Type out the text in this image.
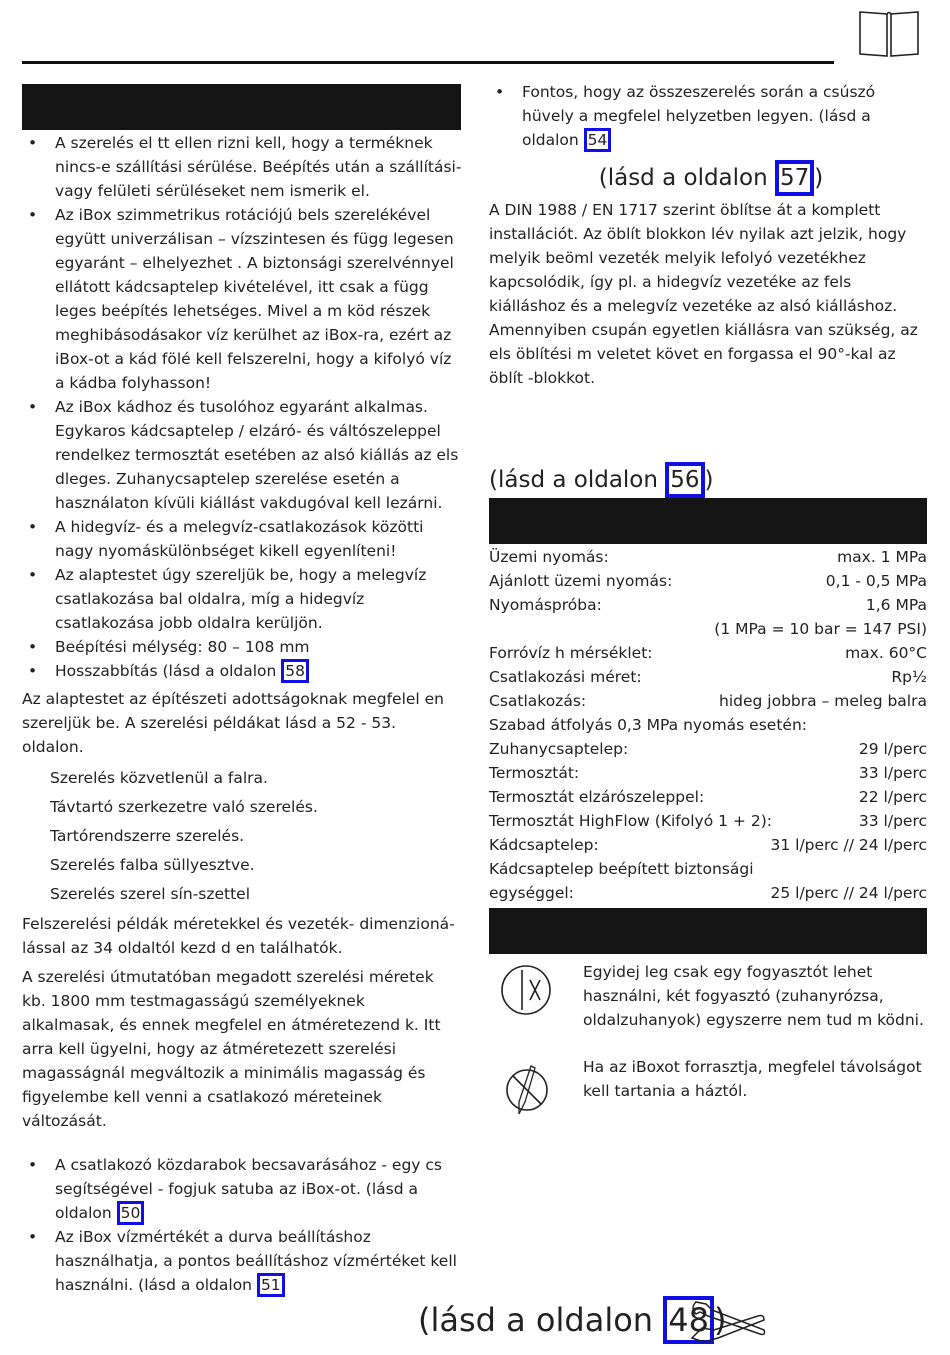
• A szerelés el tt ellen rizni kell, hogy a terméknek nincs-e szállítási sérülése. Beépítés után a szállítási- vagy felületi sérüléseket nem ismerik el.
• Az iBox szimmetrikus rotációjú bels szerelékével együtt univerzálisan – vízszintesen és függ legesen egyaránt – elhelyezhet . A biztonsági szerelvénnyel ellátott kádcsaptelep kivételével, itt csak a függ leges beépítés lehetséges. Mivel a m köd részek meghibásodásakor víz kerülhet az iBox-ra, ezért az iBox-ot a kád fölé kell felszerelni, hogy a kifolyó víz a kádba folyhasson!
• Az iBox kádhoz és tusolóhoz egyaránt alkalmas. Egykaros kádcsaptelep / elzáró- és váltószeleppel rendelkez termosztát esetében az alsó kiállás az els dleges. Zuhanycsaptelep szerelése esetén a használaton kívüli kiállást vakdugóval kell lezárni.
• A hidegvíz- és a melegvíz-csatlakozások közötti nagy nyomáskülönbséget kikell egyenlíteni!
• Az alaptestet úgy szereljük be, hogy a melegvíz csatlakozása bal oldalra, míg a hidegvíz csatlakozása jobb oldalra kerüljön.
• Beépítési mélység: 80 – 108 mm
• Hosszabbítás (lásd a oldalon 58

Az alaptestet az építészeti adottságoknak megfelel en szereljük be. A szerelési példákat lásd a 52 - 53. oldalon.

Szerelés közvetlenül a falra.

Távtartó szerkezetre való szerelés.

Tartórendszerre szerelés.

Szerelés falba süllyesztve.

Szerelés szerel sín-szettel

Felszerelési példák méretekkel és vezeték- dimenzioná- lással az 34 oldaltól kezd d en találhatók.

A szerelési útmutatóban megadott szerelési méretek kb. 1800 mm testmagasságú személyeknek alkalmasak, és ennek megfelel en átméretezend k. Itt arra kell ügyelni, hogy az átméretezett szerelési magasságnál megváltozik a minimális magasság és figyelembe kell venni a csatlakozó méreteinek változását.

• A csatlakozó közdarabok becsavarásához - egy cs segítségével - fogjuk satuba az iBox-ot. (lásd a oldalon 50
• Az iBox vízmértékét a durva beállításhoz használhatja, a pontos beállításhoz vízmértéket kell használni. (lásd a oldalon 51
• Fontos, hogy az összeszerelés során a csúszó hüvely a megfelel helyzetben legyen. (lásd a oldalon 54
(lásd a oldalon 57 )

A DIN 1988 / EN 1717 szerint öblítse át a komplett installációt. Az öblít blokkon lév nyilak azt jelzik, hogy melyik beöml vezeték melyik lefolyó vezetékhez kapcsolódik, így pl. a hidegvíz vezetéke az fels kiálláshoz és a melegvíz vezetéke az alsó kiálláshoz. Amennyiben csupán egyetlen kiállásra van szükség, az els öblítési m veletet követ en forgassa el 90°-kal az öblít -blokkot.

(lásd a oldalon 56 )
Üzemi nyomás:	max. 1 MPa
Ajánlott üzemi nyomás:	0,1 - 0,5 MPa
Nyomáspróba:	1,6 MPa
(1 MPa = 10 bar = 147 PSI)
Forróvíz h mérséklet:	max. 60°C
Csatlakozási méret:	Rp½
Csatlakozás:	hideg jobbra – meleg balra
Szabad átfolyás 0,3 MPa nyomás esetén:
Zuhanycsaptelep:	29 l/perc
Termosztát:	33 l/perc
Termosztát elzárószeleppel:	22 l/perc
Termosztát HighFlow (Kifolyó 1 + 2):	33 l/perc
Kádcsaptelep:	31 l/perc // 24 l/perc
Kádcsaptelep beépített biztonsági
egységgel:	25 l/perc // 24 l/perc

Egyidej leg csak egy fogyasztót lehet használni, két fogyasztó (zuhanyrózsa, oldalzuhanyok) egyszerre nem tud m ködni.

Ha az iBoxot forrasztja, megfelel távolságot kell tartania a háztól.

(lásd a oldalon 48 )
